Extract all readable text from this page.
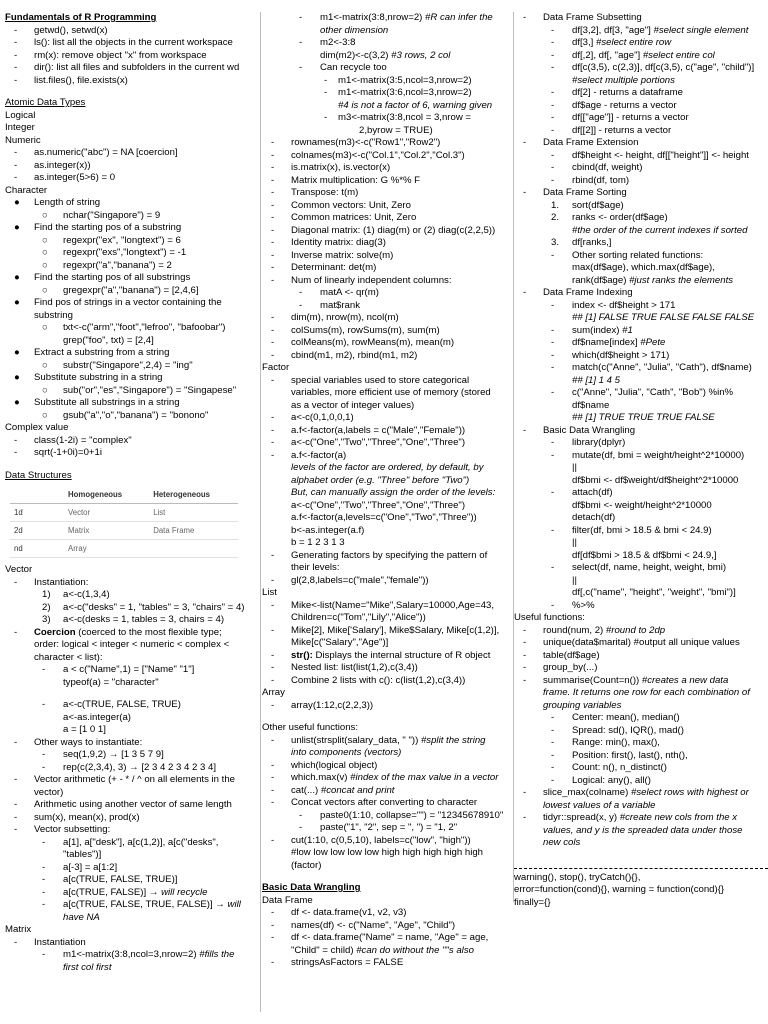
Fundamentals of R Programming
- getwd(), setwd(x)
- ls(): list all the objects in the current workspace
- rm(x): remove object "x" from workspace
- dir(): list all files and subfolders in the current wd
- list.files(), file.exists(x)
Atomic Data Types
Logical
Integer
Numeric
- as.numeric("abc") = NA [coercion]
- as.integer(x))
- as.integer(5>6) = 0
Character
● Length of string
○ nchar("Singapore") = 9
● Find the starting pos of a substring
○ regexpr("ex", "longtext") = 6
○ regexpr("exs","longtext") = -1
○ regexpr("a","banana") = 2
● Find the starting pos of all substrings
○ gregexpr("a","banana") = [2,4,6]
● Find pos of strings in a vector containing the
substring
○ txt<-c("arm","foot","lefroo", "bafoobar")
grep("foo", txt) = [2,4]
● Extract a substring from a string
○ substr("Singapore",2,4) = "ing"
● Substitute substring in a string
○ sub("or","es","Singapore") = "Singapese"
● Substitute all substrings in a string
○ gsub("a","o","banana") = "bonono"
Complex value
- class(1-2i) = "complex"
- sqrt(-1+0i)=0+1i
Data Structures
	Homogeneous	Heterogeneous
1d	Vector	List
2d	Matrix	Data Frame
nd	Array	
Vector
- Instantiation:
1) a<-c(1,3,4)
2) a<-c("desks" = 1, "tables" = 3, "chairs" = 4)
3) a<-c(desks = 1, tables = 3, chairs = 4)
- Coercion (coerced to the most flexible type;
order: logical < integer < numeric < complex <
character < list):
- a < c("Name",1) = ["Name" "1"]
typeof(a) = "character"
- a<-c(TRUE, FALSE, TRUE)
a<-as.integer(a)
a = [1 0 1]
- Other ways to instantiate:
- seq(1,9,2) → [1 3 5 7 9]
- rep(c(2,3,4), 3) → [2 3 4 2 3 4 2 3 4]
- Vector arithmetic (+ - * / ^ on all elements in the
vector)
- Arithmetic using another vector of same length
- sum(x), mean(x), prod(x)
- Vector subsetting:
- a[1], a["desk"], a[c(1,2)], a[c("desks",
"tables")]
- a[-3] = a[1:2]
- a[c(TRUE, FALSE, TRUE)]
- a[c(TRUE, FALSE)] → will recycle
- a[c(TRUE, FALSE, TRUE, FALSE)] → will
have NA
Matrix
- Instantiation
- m1<-matrix(3:8,ncol=3,nrow=2) #fills the
first col first
- m1<-matrix(3:8,nrow=2) #R can infer the
other dimension
- m2<-3:8
dim(m2)<-c(3,2) #3 rows, 2 col
- Can recycle too
- m1<-matrix(3:5,ncol=3,nrow=2)
- m1<-matrix(3:6,ncol=3,nrow=2)
#4 is not a factor of 6, warning given
- m3<-matrix(3:8,ncol = 3,nrow =
2,byrow = TRUE)
- rownames(m3)<-c("Row1","Row2")
- colnames(m3)<-c("Col.1","Col.2","Col.3")
- is.matrix(x), is.vector(x)
- Matrix multiplication: G %*% F
- Transpose: t(m)
- Common vectors: Unit, Zero
- Common matrices: Unit, Zero
- Diagonal matrix: (1) diag(m) or (2) diag(c(2,2,5))
- Identity matrix: diag(3)
- Inverse matrix: solve(m)
- Determinant: det(m)
- Num of linearly independent columns:
- matA <- qr(m)
- mat$rank
- dim(m), nrow(m), ncol(m)
- colSums(m), rowSums(m), sum(m)
- colMeans(m), rowMeans(m), mean(m)
- cbind(m1, m2), rbind(m1, m2)
Factor
- special variables used to store categorical
variables, more efficient use of memory (stored
as a vector of integer values)
- a<-c(0,1,0,0,1)
- a.f<-factor(a,labels = c("Male","Female"))
- a<-c("One","Two","Three","One","Three")
- a.f<-factor(a)
levels of the factor are ordered, by default, by
alphabet order (e.g. "Three" before "Two")
But, can manually assign the order of the levels:
a<-c("One","Two","Three","One","Three")
a.f<-factor(a,levels=c("One","Two","Three"))
b<-as.integer(a.f)
b = 1 2 3 1 3
- Generating factors by specifying the pattern of
their levels:
- gl(2,8,labels=c("male","female"))
List
- Mike<-list(Name="Mike",Salary=10000,Age=43,
Children=c("Tom","Lily","Alice"))
- Mike[2], Mike['Salary'], Mike$Salary, Mike[c(1,2)],
Mike[c("Salary","Age")]
- str(): Displays the internal structure of R object
- Nested list: list(list(1,2),c(3,4))
- Combine 2 lists with c(): c(list(1,2),c(3,4))
Array
- array(1:12,c(2,2,3))
Other useful functions:
- unlist(strsplit(salary_data, " ")) #split the string
into components (vectors)
- which(logical object)
- which.max(v) #index of the max value in a vector
- cat(...) #concat and print
- Concat vectors after converting to character
- paste0(1:10, collapse="") = "12345678910"
- paste("1", "2", sep = ", ") = "1, 2"
- cut(1:10, c(0,5,10), labels=c("low", "high"))
#low low low low low high high high high high
(factor)
Basic Data Wrangling
Data Frame
- df <- data.frame(v1, v2, v3)
- names(df) <- c("Name", "Age", "Child")
- df <- data.frame("Name" = name, "Age" = age,
"Child" = child) #can do without the ""s also
- stringsAsFactors = FALSE
- Data Frame Subsetting
- df[3,2], df[3, "age"] #select single element
- df[3,] #select entire row
- df[,2], df[, "age"] #select entire col
- df[c(3,5), c(2,3)], df[c(3,5), c("age", "child")]
#select multiple portions
- df[2] - returns a dataframe
- df$age - returns a vector
- df[["age"]] - returns a vector
- df[[2]] - returns a vector
- Data Frame Extension
- df$height <- height, df[["height"]] <- height
- cbind(df, weight)
- rbind(df, tom)
- Data Frame Sorting
1. sort(df$age)
2. ranks <- order(df$age)
#the order of the current indexes if sorted
3. df[ranks,]
- Other sorting related functions:
max(df$age), which.max(df$age),
rank(df$age) #just ranks the elements
- Data Frame Indexing
- index <- df$height > 171
## [1] FALSE TRUE FALSE FALSE FALSE
- sum(index) #1
- df$name[index] #Pete
- which(df$height > 171)
- match(c("Anne", "Julia", "Cath"), df$name)
## [1] 1 4 5
- c("Anne", "Julia", "Cath", "Bob") %in%
df$name
## [1] TRUE TRUE TRUE FALSE
- Basic Data Wrangling
- library(dplyr)
- mutate(df, bmi = weight/height^2*10000)
||
df$bmi <- df$weight/df$height^2*10000
- attach(df)
df$bmi <- weight/height^2*10000
detach(df)
- filter(df, bmi > 18.5 & bmi < 24.9)
||
df[df$bmi > 18.5 & df$bmi < 24.9,]
- select(df, name, height, weight, bmi)
||
df[,c("name", "height", "weight", "bmi")]
- %>%
Useful functions:
- round(num, 2) #round to 2dp
- unique(data$marital) #output all unique values
- table(df$age)
- group_by(...)
- summarise(Count=n()) #creates a new data
frame. It returns one row for each combination of
grouping variables
- Center: mean(), median()
- Spread: sd(), IQR(), mad()
- Range: min(), max(),
- Position: first(), last(), nth(),
- Count: n(), n_distinct()
- Logical: any(), all()
- slice_max(colname) #select rows with highest or
lowest values of a variable
- tidyr::spread(x, y) #create new cols from the x
values, and y is the spreaded data under those
new cols
warning(), stop(), tryCatch(){},
error=function(cond){}, warning = function(cond){}
finally={}
